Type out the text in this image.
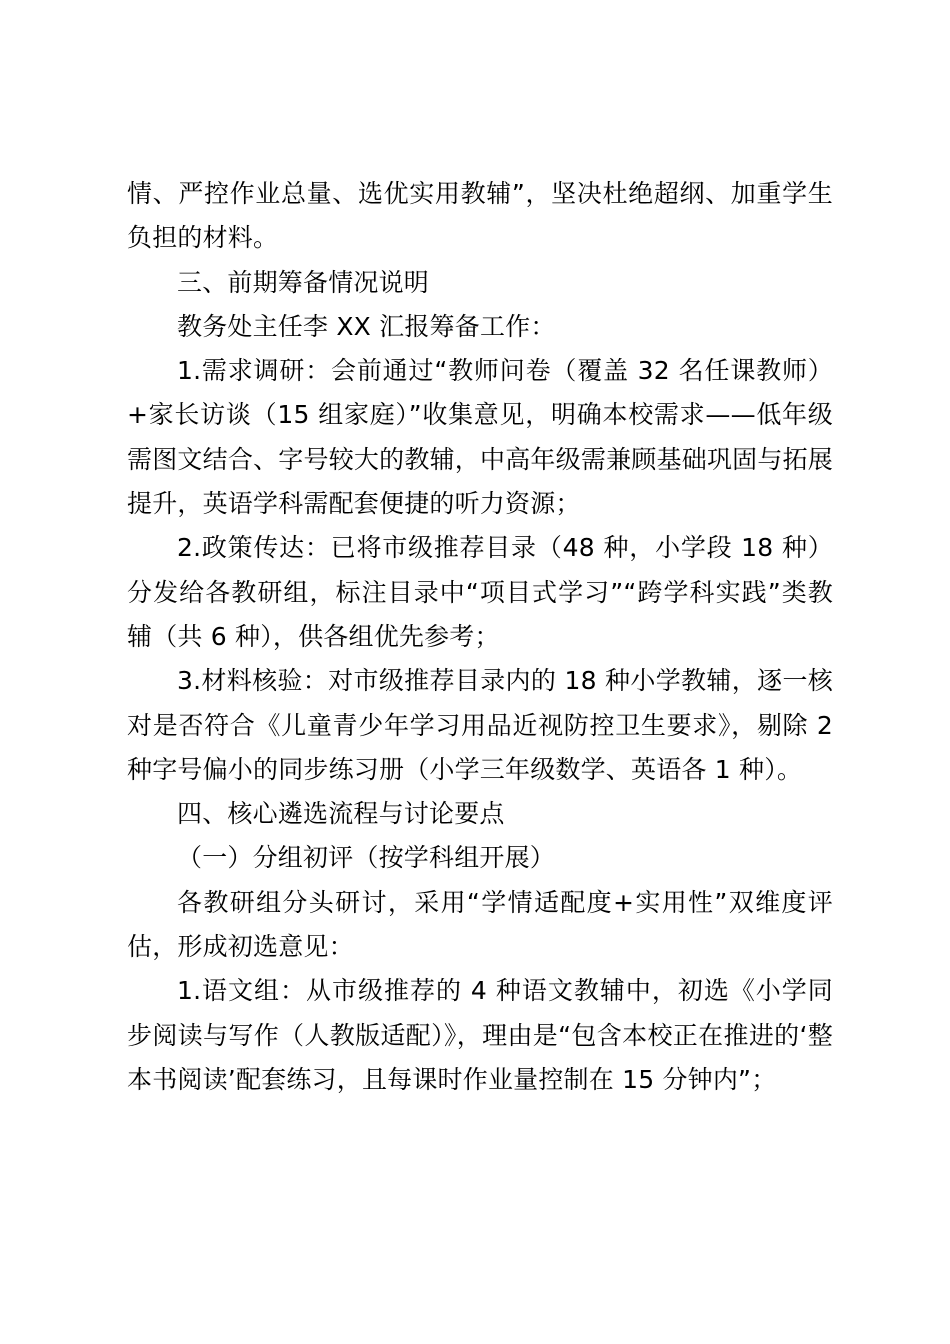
情、严控作业总量、选优实用教辅”，坚决杜绝超纲、加重学生负担的材料。

三、前期筹备情况说明

教务处主任李 XX 汇报筹备工作：

1.需求调研：会前通过“教师问卷（覆盖 32 名任课教师）+家长访谈（15 组家庭）”收集意见，明确本校需求——低年级需图文结合、字号较大的教辅，中高年级需兼顾基础巩固与拓展提升，英语学科需配套便捷的听力资源；

2.政策传达：已将市级推荐目录（48 种，小学段 18 种）分发给各教研组，标注目录中“项目式学习”“跨学科实践”类教辅（共 6 种），供各组优先参考；

3.材料核验：对市级推荐目录内的 18 种小学教辅，逐一核对是否符合《儿童青少年学习用品近视防控卫生要求》，剔除 2 种字号偏小的同步练习册（小学三年级数学、英语各 1 种）。

四、核心遴选流程与讨论要点

（一）分组初评（按学科组开展）

各教研组分头研讨，采用“学情适配度+实用性”双维度评估，形成初选意见：

1.语文组：从市级推荐的 4 种语文教辅中，初选《小学同步阅读与写作（人教版适配）》，理由是“包含本校正在推进的‘整本书阅读’配套练习，且每课时作业量控制在 15 分钟内”；
